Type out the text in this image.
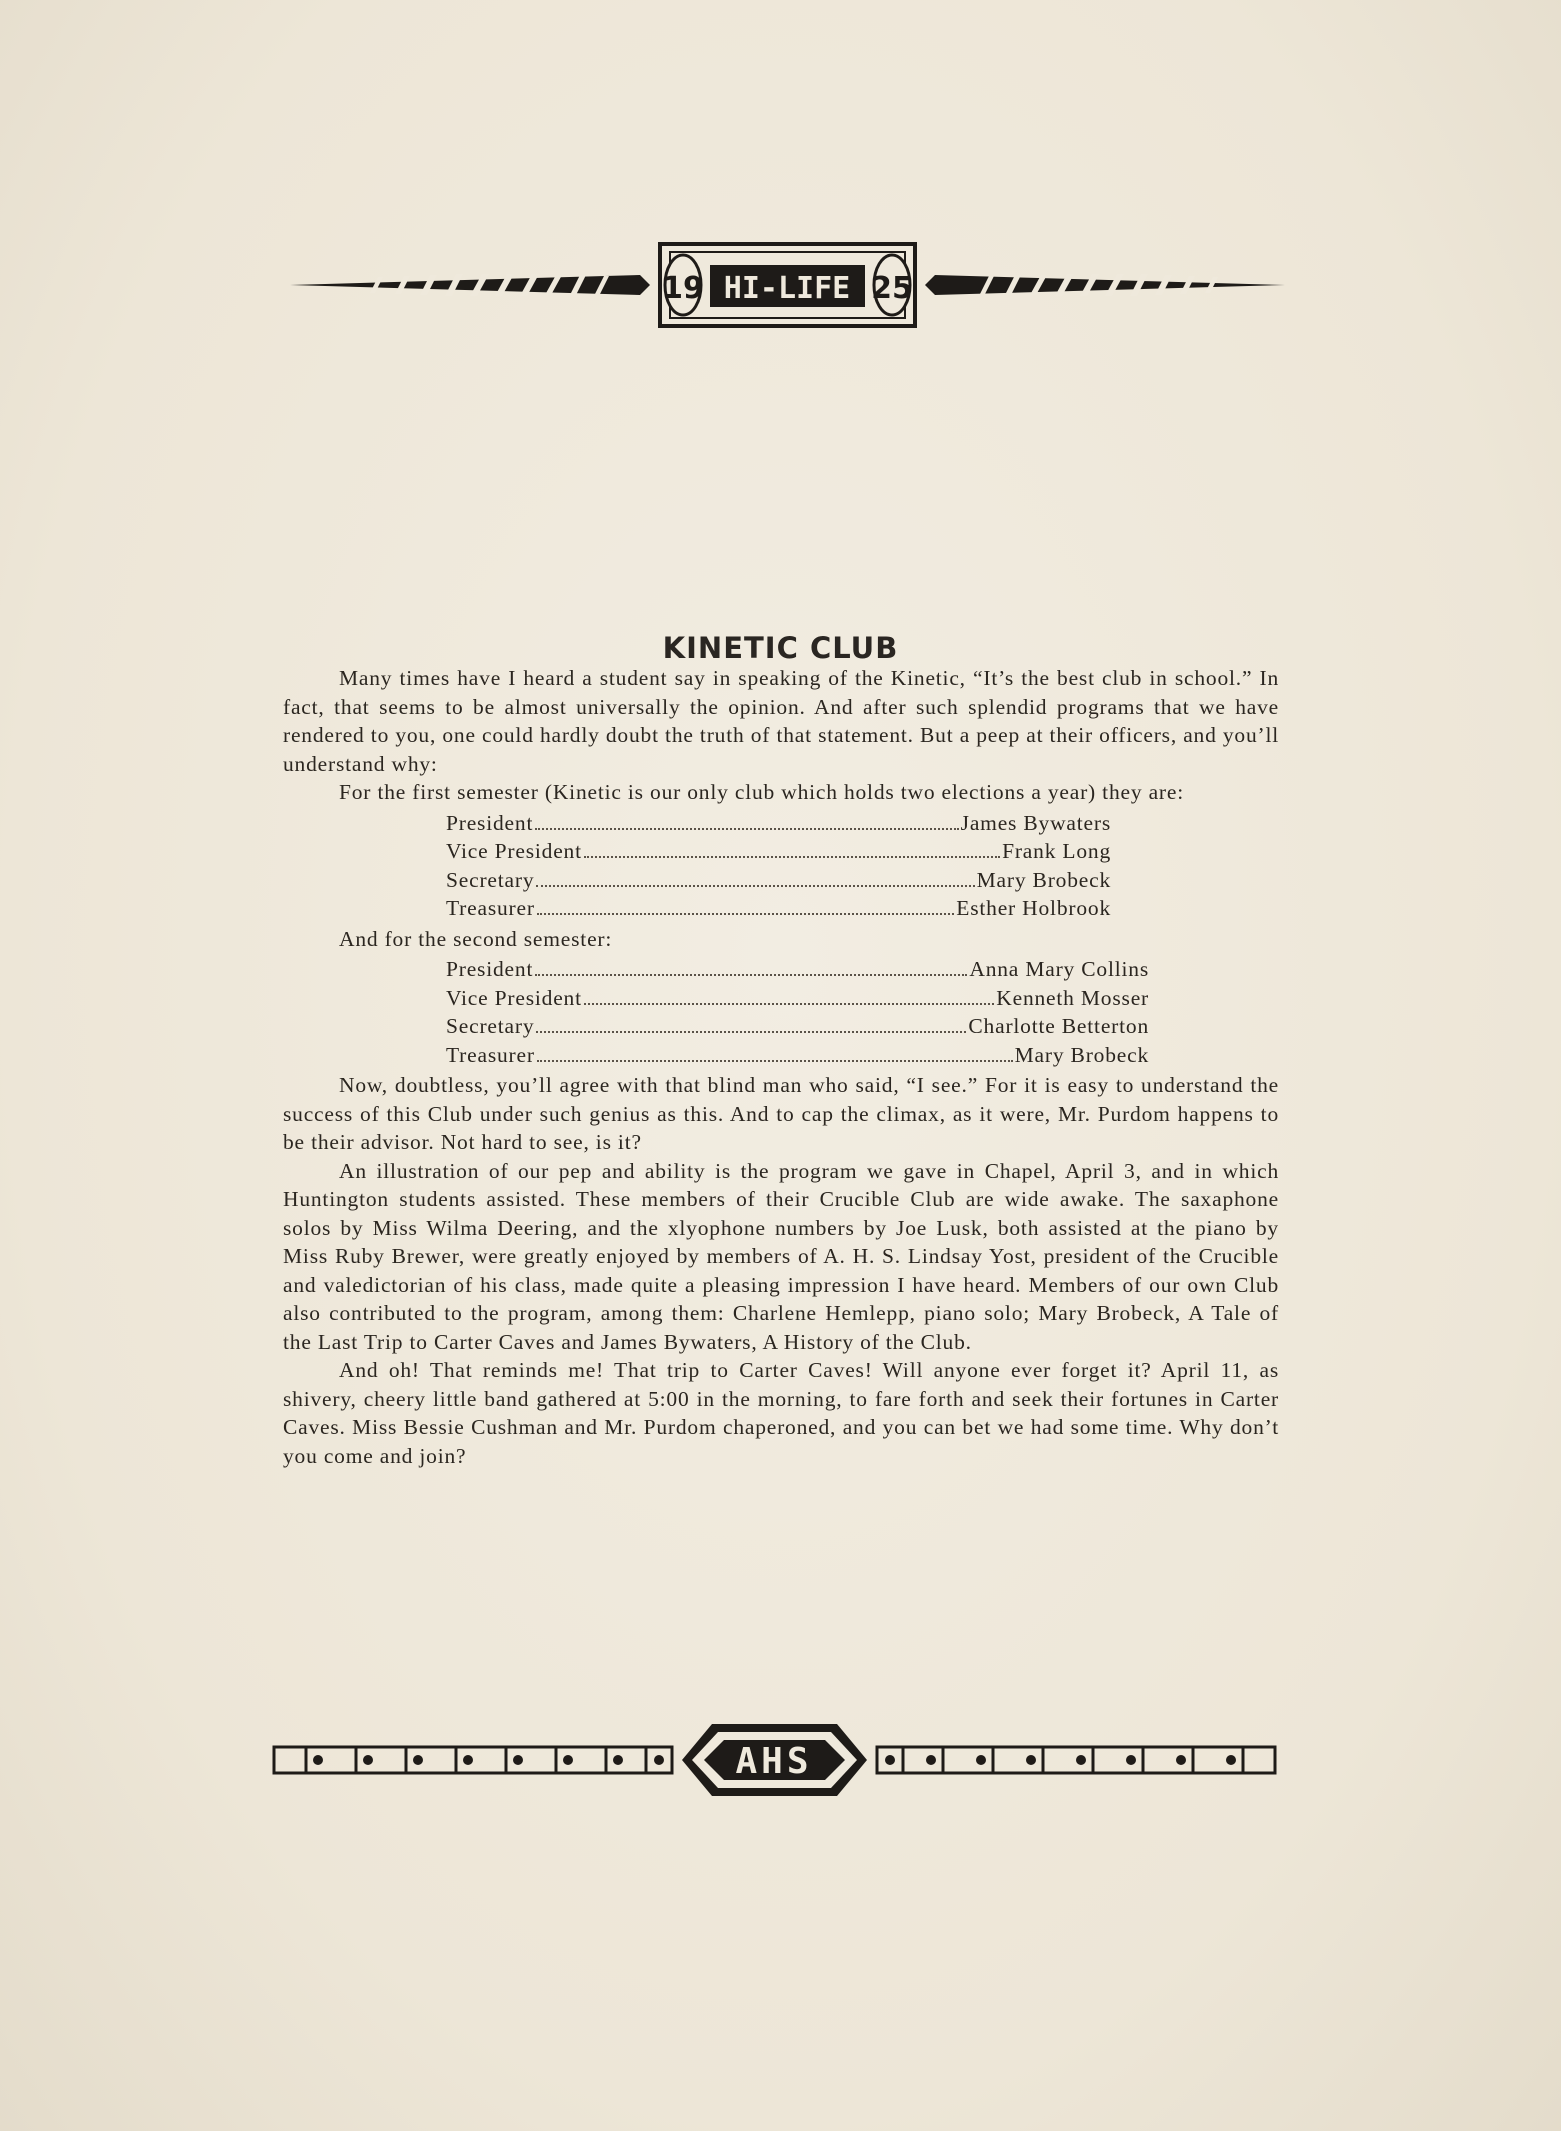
19 HI-LIFE 25
KINETIC CLUB

Many times have I heard a student say in speaking of the Kinetic, “It’s the best club in school.” In fact, that seems to be almost universally the opinion. And after such splendid programs that we have rendered to you, one could hardly doubt the truth of that statement. But a peep at their officers, and you’ll understand why:

For the first semester (Kinetic is our only club which holds two elections a year) they are:

President	James Bywaters
Vice President	Frank Long
Secretary	Mary Brobeck
Treasurer	Esther Holbrook

And for the second semester:

President	Anna Mary Collins
Vice President	Kenneth Mosser
Secretary	Charlotte Betterton
Treasurer	Mary Brobeck

Now, doubtless, you’ll agree with that blind man who said, “I see.” For it is easy to understand the success of this Club under such genius as this. And to cap the climax, as it were, Mr. Purdom happens to be their advisor. Not hard to see, is it?

An illustration of our pep and ability is the program we gave in Chapel, April 3, and in which Huntington students assisted. These members of their Crucible Club are wide awake. The saxaphone solos by Miss Wilma Deering, and the xlyophone numbers by Joe Lusk, both assisted at the piano by Miss Ruby Brewer, were greatly enjoyed by members of A. H. S. Lindsay Yost, president of the Crucible and valedictorian of his class, made quite a pleasing impression I have heard. Members of our own Club also contributed to the program, among them: Charlene Hemlepp, piano solo; Mary Brobeck, A Tale of the Last Trip to Carter Caves and James Bywaters, A History of the Club.

And oh! That reminds me! That trip to Carter Caves! Will anyone ever forget it? April 11, as shivery, cheery little band gathered at 5:00 in the morning, to fare forth and seek their fortunes in Carter Caves. Miss Bessie Cushman and Mr. Purdom chaperoned, and you can bet we had some time. Why don’t you come and join?

AHS
